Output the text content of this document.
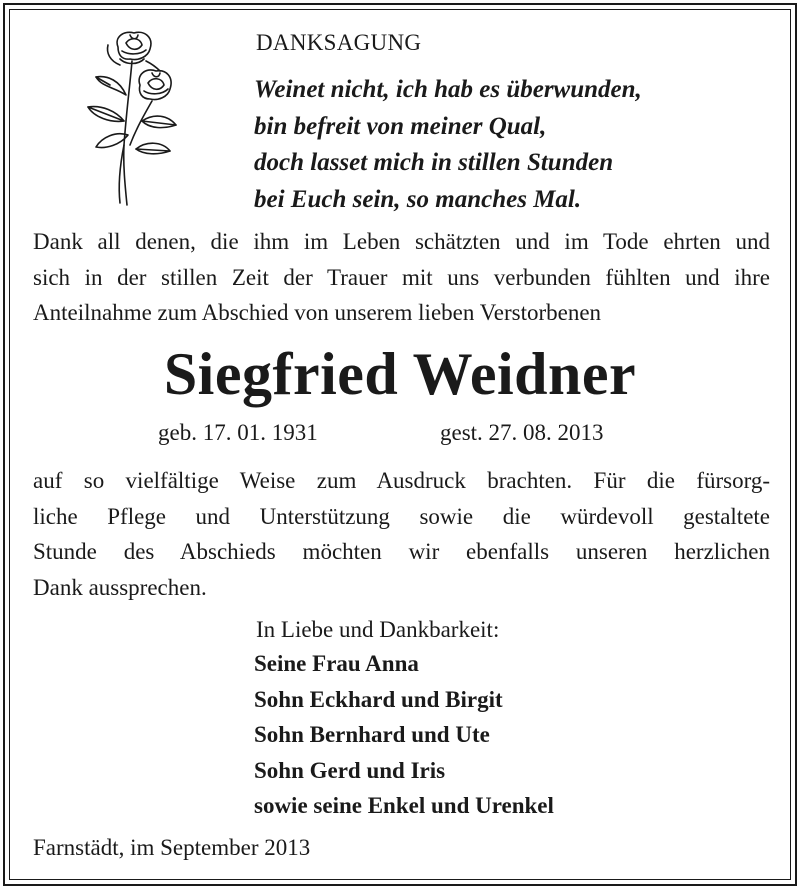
DANKSAGUNG
Weinet nicht, ich hab es überwunden,
bin befreit von meiner Qual,
doch lasset mich in stillen Stunden
bei Euch sein, so manches Mal.

Dank all denen, die ihm im Leben schätzten und im Tode ehrten und
sich in der stillen Zeit der Trauer mit uns verbunden fühlten und ihre
Anteilnahme zum Abschied von unserem lieben Verstorbenen

Siegfried Weidner
geb. 17. 01. 1931	gest. 27. 08. 2013

auf so vielfältige Weise zum Ausdruck brachten. Für die fürsorg-
liche Pflege und Unterstützung sowie die würdevoll gestaltete
Stunde des Abschieds möchten wir ebenfalls unseren herzlichen
Dank aussprechen.

In Liebe und Dankbarkeit:
Seine Frau Anna
Sohn Eckhard und Birgit
Sohn Bernhard und Ute
Sohn Gerd und Iris
sowie seine Enkel und Urenkel
Farnstädt, im September 2013
